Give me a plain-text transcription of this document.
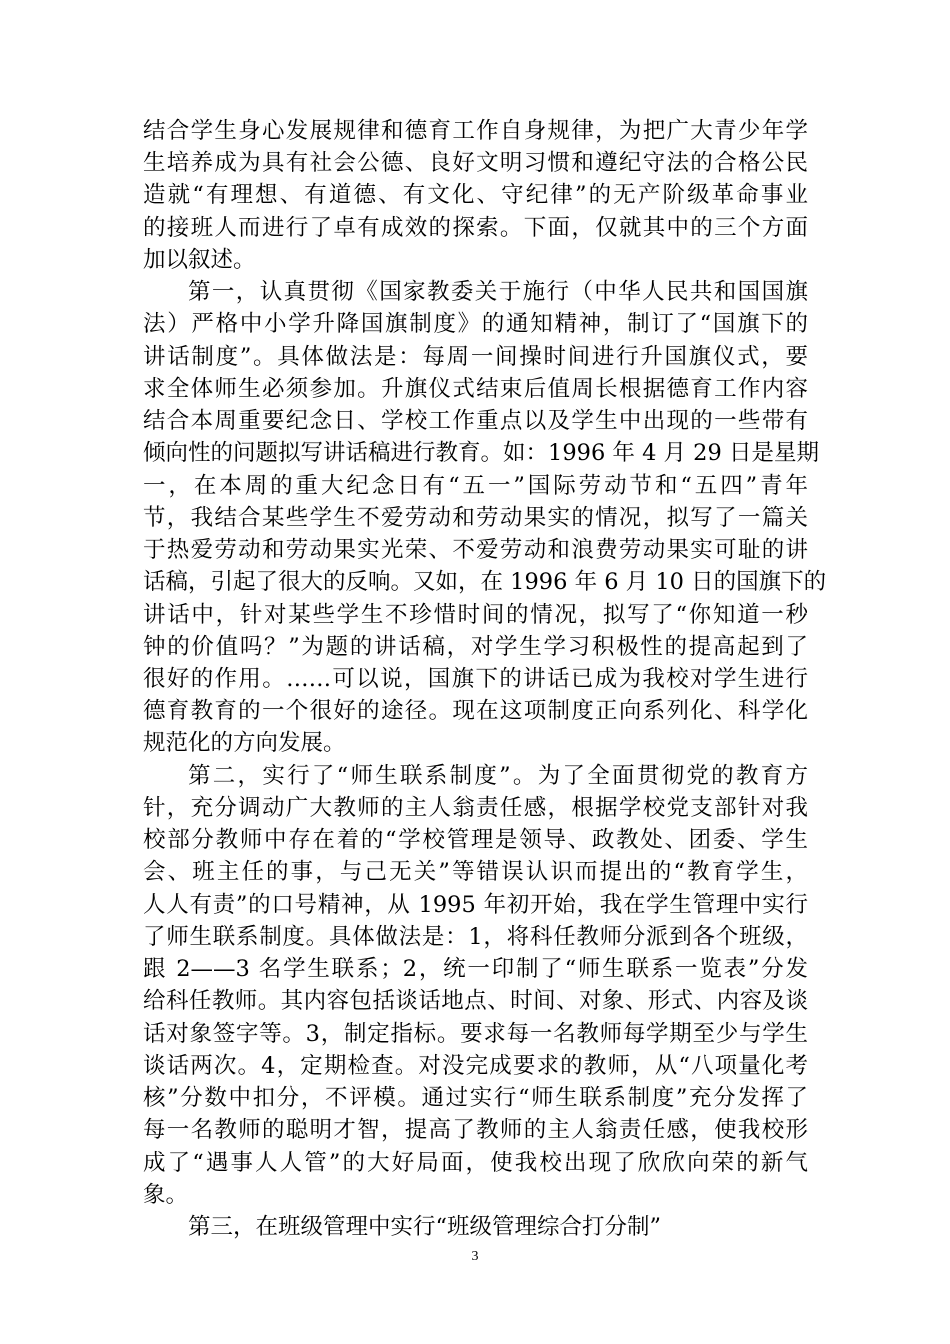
结合学生身心发展规律和德育工作自身规律，为把广大青少年学

生培养成为具有社会公德、良好文明习惯和遵纪守法的合格公民

造就“有理想、有道德、有文化、守纪律”的无产阶级革命事业

的接班人而进行了卓有成效的探索。下面，仅就其中的三个方面

加以叙述。

第一，认真贯彻《国家教委关于施行（中华人民共和国国旗

法）严格中小学升降国旗制度》的通知精神，制订了“国旗下的

讲话制度”。具体做法是：每周一间操时间进行升国旗仪式，要

求全体师生必须参加。升旗仪式结束后值周长根据德育工作内容

结合本周重要纪念日、学校工作重点以及学生中出现的一些带有

倾向性的问题拟写讲话稿进行教育。如：1996 年 4 月 29 日是星期

一，在本周的重大纪念日有“五一”国际劳动节和“五四”青年

节，我结合某些学生不爱劳动和劳动果实的情况，拟写了一篇关

于热爱劳动和劳动果实光荣、不爱劳动和浪费劳动果实可耻的讲

话稿，引起了很大的反响。又如，在 1996 年 6 月 10 日的国旗下的

讲话中，针对某些学生不珍惜时间的情况，拟写了“你知道一秒

钟的价值吗？”为题的讲话稿，对学生学习积极性的提高起到了

很好的作用。……可以说，国旗下的讲话已成为我校对学生进行

德育教育的一个很好的途径。现在这项制度正向系列化、科学化

规范化的方向发展。

第二，实行了“师生联系制度”。为了全面贯彻党的教育方

针，充分调动广大教师的主人翁责任感，根据学校党支部针对我

校部分教师中存在着的“学校管理是领导、政教处、团委、学生

会、班主任的事，与己无关”等错误认识而提出的“教育学生，

人人有责”的口号精神，从 1995 年初开始，我在学生管理中实行

了师生联系制度。具体做法是：1，将科任教师分派到各个班级，

跟 2——3 名学生联系；2，统一印制了“师生联系一览表”分发

给科任教师。其内容包括谈话地点、时间、对象、形式、内容及谈

话对象签字等。3，制定指标。要求每一名教师每学期至少与学生

谈话两次。4，定期检查。对没完成要求的教师，从“八项量化考

核”分数中扣分，不评模。通过实行“师生联系制度”充分发挥了

每一名教师的聪明才智，提高了教师的主人翁责任感，使我校形

成了“遇事人人管”的大好局面，使我校出现了欣欣向荣的新气

象。

第三，在班级管理中实行“班级管理综合打分制”

3
